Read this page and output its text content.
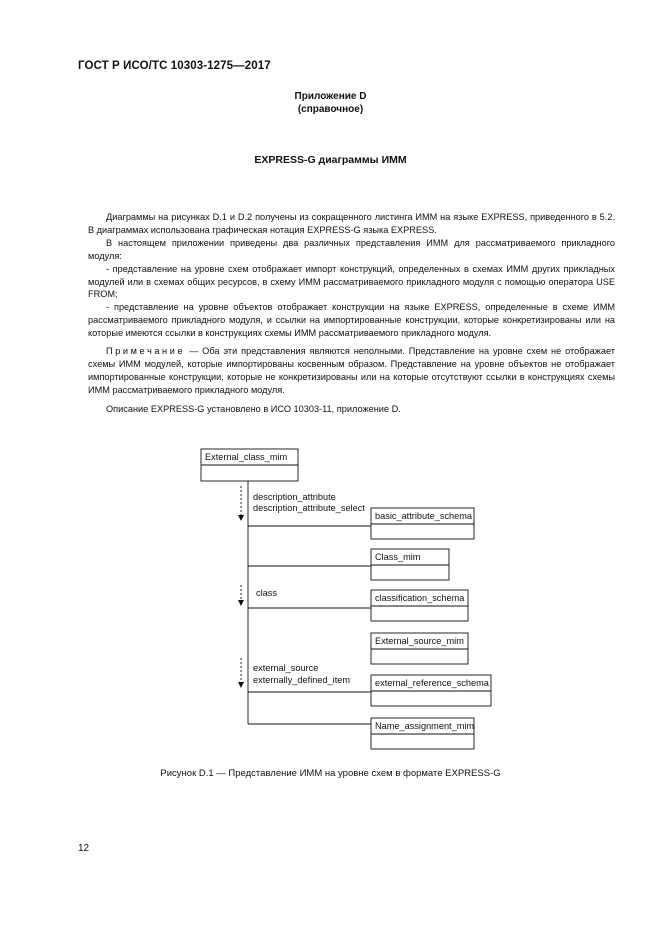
ГОСТ Р ИСО/ТС 10303-1275—2017
Приложение D
(справочное)
EXPRESS-G диаграммы ИММ

Диаграммы на рисунках D.1 и D.2 получены из сокращенного листинга ИММ на языке EXPRESS, приведенного в 5.2. В диаграммах использована графическая нотация EXPRESS-G языка EXPRESS.

В настоящем приложении приведены два различных представления ИММ для рассматриваемого прикладного модуля:

- представление на уровне схем отображает импорт конструкций, определенных в схемах ИММ других прикладных модулей или в схемах общих ресурсов, в схему ИММ рассматриваемого прикладного модуля с помощью оператора USE FROM;

- представление на уровне объектов отображает конструкции на языке EXPRESS, определенные в схеме ИММ рассматриваемого прикладного модуля, и ссылки на импортированные конструкции, которые конкретизированы или на которые имеются ссылки в конструкциях схемы ИММ рассматриваемого прикладного модуля.

Примечание — Оба эти представления являются неполными. Представление на уровне схем не отображает схемы ИММ модулей, которые импортированы косвенным образом. Представление на уровне объектов не отображает импортированные конструкции, которые не конкретизированы или на которые отсутствуют ссылки в конструкциях схемы ИММ рассматриваемого прикладного модуля.

Описание EXPRESS-G установлено в ИСО 10303-11, приложение D.

External_class_mim
basic_attribute_schema
Class_mim
classification_schema
External_source_mim
external_reference_schema
Name_assignment_mim
description_attribute
description_attribute_select
class
external_source
externally_defined_item
Рисунок D.1 — Представление ИММ на уровне схем в формате EXPRESS-G
12
